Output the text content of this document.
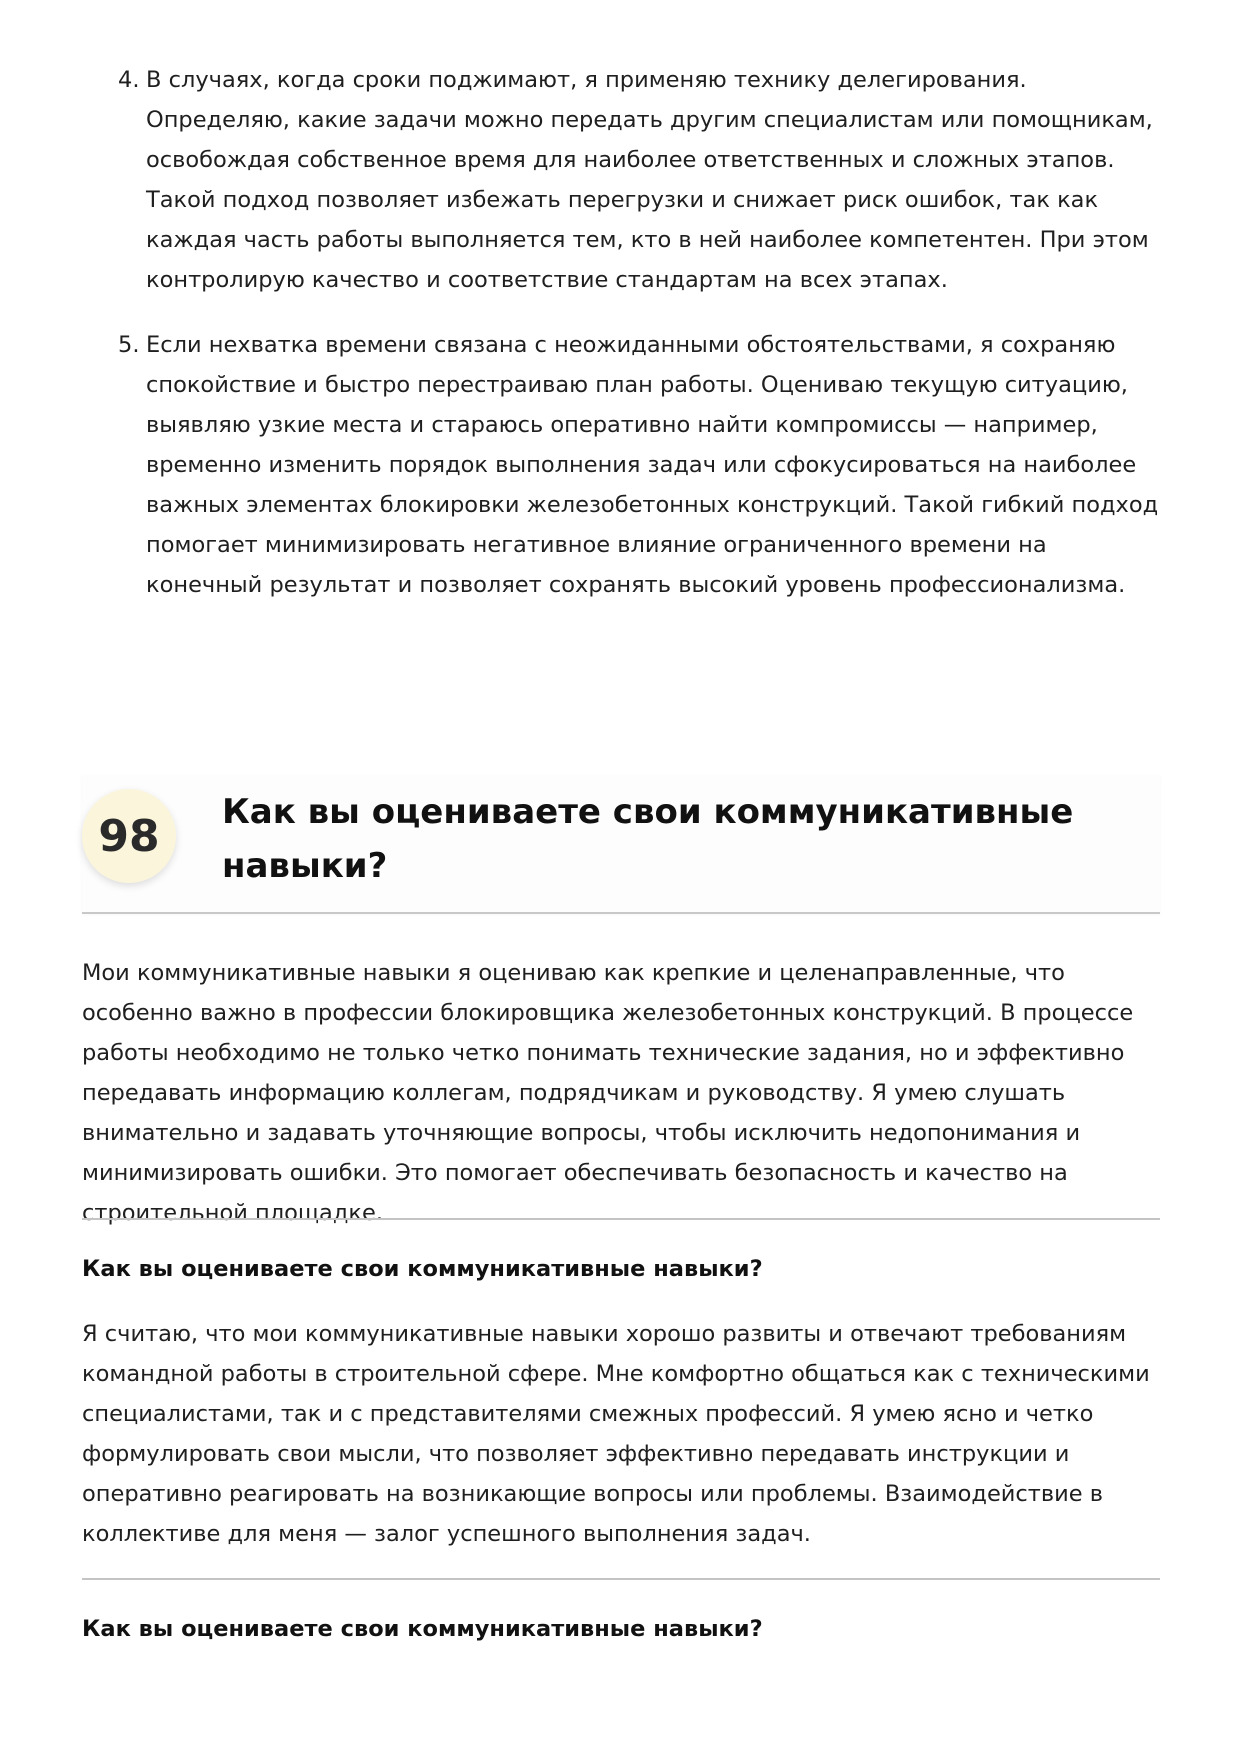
4. В случаях, когда сроки поджимают, я применяю технику делегирования. Определяю, какие задачи можно передать другим специалистам или помощникам, освобождая собственное время для наиболее ответственных и сложных этапов. Такой подход позволяет избежать перегрузки и снижает риск ошибок, так как каждая часть работы выполняется тем, кто в ней наиболее компетентен. При этом контролирую качество и соответствие стандартам на всех этапах.
5. Если нехватка времени связана с неожиданными обстоятельствами, я сохраняю спокойствие и быстро перестраиваю план работы. Оцениваю текущую ситуацию, выявляю узкие места и стараюсь оперативно найти компромиссы — например, временно изменить порядок выполнения задач или сфокусироваться на наиболее важных элементах блокировки железобетонных конструкций. Такой гибкий подход помогает минимизировать негативное влияние ограниченного времени на конечный результат и позволяет сохранять высокий уровень профессионализма.
98	Как вы оцениваете свои коммуникативные навыки?

Мои коммуникативные навыки я оцениваю как крепкие и целенаправленные, что особенно важно в профессии блокировщика железобетонных конструкций. В процессе работы необходимо не только четко понимать технические задания, но и эффективно передавать информацию коллегам, подрядчикам и руководству. Я умею слушать внимательно и задавать уточняющие вопросы, чтобы исключить недопонимания и минимизировать ошибки. Это помогает обеспечивать безопасность и качество на строительной площадке.

Как вы оцениваете свои коммуникативные навыки?

Я считаю, что мои коммуникативные навыки хорошо развиты и отвечают требованиям командной работы в строительной сфере. Мне комфортно общаться как с техническими специалистами, так и с представителями смежных профессий. Я умею ясно и четко формулировать свои мысли, что позволяет эффективно передавать инструкции и оперативно реагировать на возникающие вопросы или проблемы. Взаимодействие в коллективе для меня — залог успешного выполнения задач.

Как вы оцениваете свои коммуникативные навыки?
